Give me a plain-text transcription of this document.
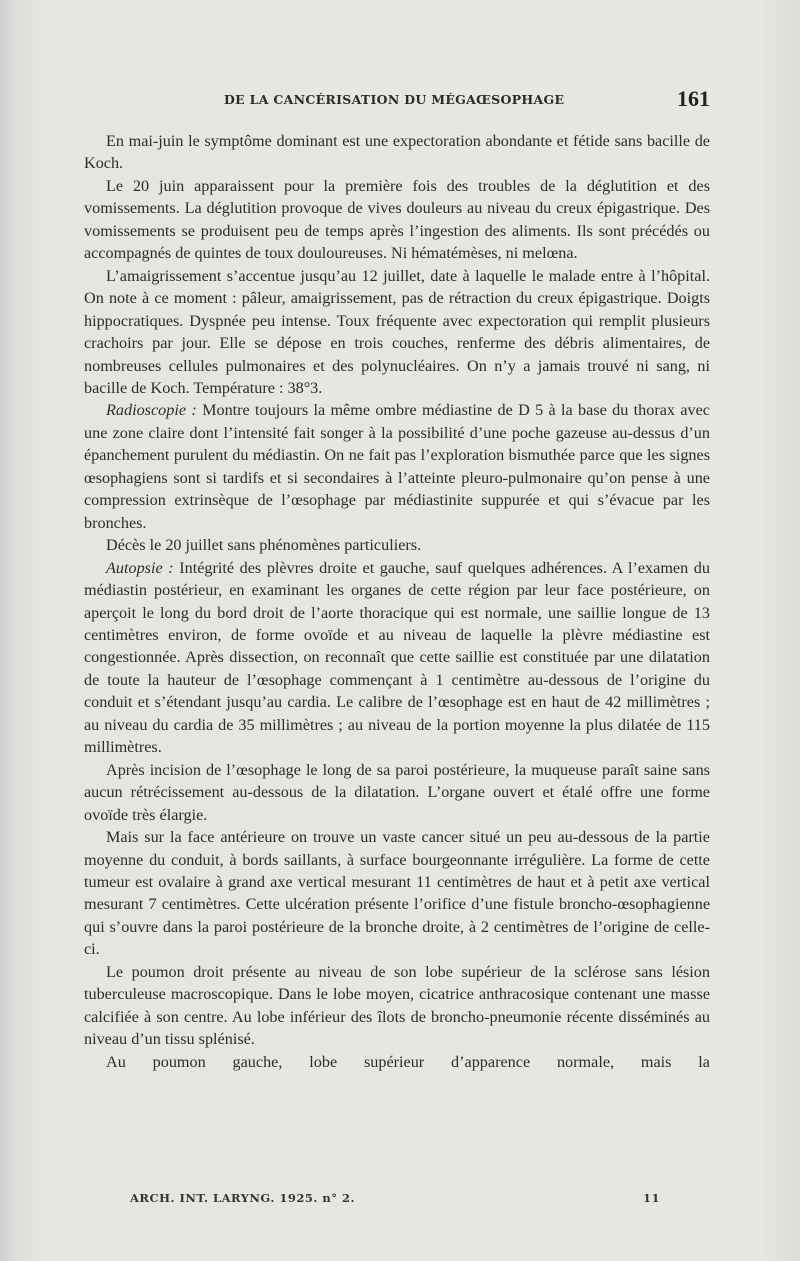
DE LA CANCÉRISATION DU MÉGAŒSOPHAGE	161

En mai-juin le symptôme dominant est une expectoration abondante et fétide sans bacille de Koch.

Le 20 juin apparaissent pour la première fois des troubles de la déglutition et des vomissements. La déglutition provoque de vives douleurs au niveau du creux épigastrique. Des vomissements se produisent peu de temps après l’ingestion des aliments. Ils sont précédés ou accompagnés de quintes de toux douloureuses. Ni hématémèses, ni melœna.

L’amaigrissement s’accentue jusqu’au 12 juillet, date à laquelle le malade entre à l’hôpital. On note à ce moment : pâleur, amaigrissement, pas de rétraction du creux épigastrique. Doigts hippocratiques. Dyspnée peu intense. Toux fréquente avec expectoration qui remplit plusieurs crachoirs par jour. Elle se dépose en trois couches, renferme des débris alimentaires, de nombreuses cellules pulmonaires et des polynucléaires. On n’y a jamais trouvé ni sang, ni bacille de Koch. Température : 38°3.

Radioscopie : Montre toujours la même ombre médiastine de D 5 à la base du thorax avec une zone claire dont l’intensité fait songer à la possibilité d’une poche gazeuse au-dessus d’un épanchement purulent du médiastin. On ne fait pas l’exploration bismuthée parce que les signes œsophagiens sont si tardifs et si secondaires à l’atteinte pleuro-pulmonaire qu’on pense à une compression extrinsèque de l’œsophage par médiastinite suppurée et qui s’évacue par les bronches.

Décès le 20 juillet sans phénomènes particuliers.

Autopsie : Intégrité des plèvres droite et gauche, sauf quelques adhérences. A l’examen du médiastin postérieur, en examinant les organes de cette région par leur face postérieure, on aperçoit le long du bord droit de l’aorte thoracique qui est normale, une saillie longue de 13 centimètres environ, de forme ovoïde et au niveau de laquelle la plèvre médiastine est congestionnée. Après dissection, on reconnaît que cette saillie est constituée par une dilatation de toute la hauteur de l’œsophage commençant à 1 centimètre au-dessous de l’origine du conduit et s’étendant jusqu’au cardia. Le calibre de l’œsophage est en haut de 42 millimètres ; au niveau du cardia de 35 millimètres ; au niveau de la portion moyenne la plus dilatée de 115 millimètres.

Après incision de l’œsophage le long de sa paroi postérieure, la muqueuse paraît saine sans aucun rétrécissement au-dessous de la dilatation. L’organe ouvert et étalé offre une forme ovoïde très élargie.

Mais sur la face antérieure on trouve un vaste cancer situé un peu au-dessous de la partie moyenne du conduit, à bords saillants, à surface bourgeonnante irrégulière. La forme de cette tumeur est ovalaire à grand axe vertical mesurant 11 centimètres de haut et à petit axe vertical mesurant 7 centimètres. Cette ulcération présente l’orifice d’une fistule broncho-œsophagienne qui s’ouvre dans la paroi postérieure de la bronche droite, à 2 centimètres de l’origine de celle-ci.

Le poumon droit présente au niveau de son lobe supérieur de la sclérose sans lésion tuberculeuse macroscopique. Dans le lobe moyen, cicatrice anthracosique contenant une masse calcifiée à son centre. Au lobe inférieur des îlots de broncho-pneumonie récente disséminés au niveau d’un tissu splénisé.

Au poumon gauche, lobe supérieur d’apparence normale, mais la

ARCH. INT. LARYNG. 1925. n° 2.	11
